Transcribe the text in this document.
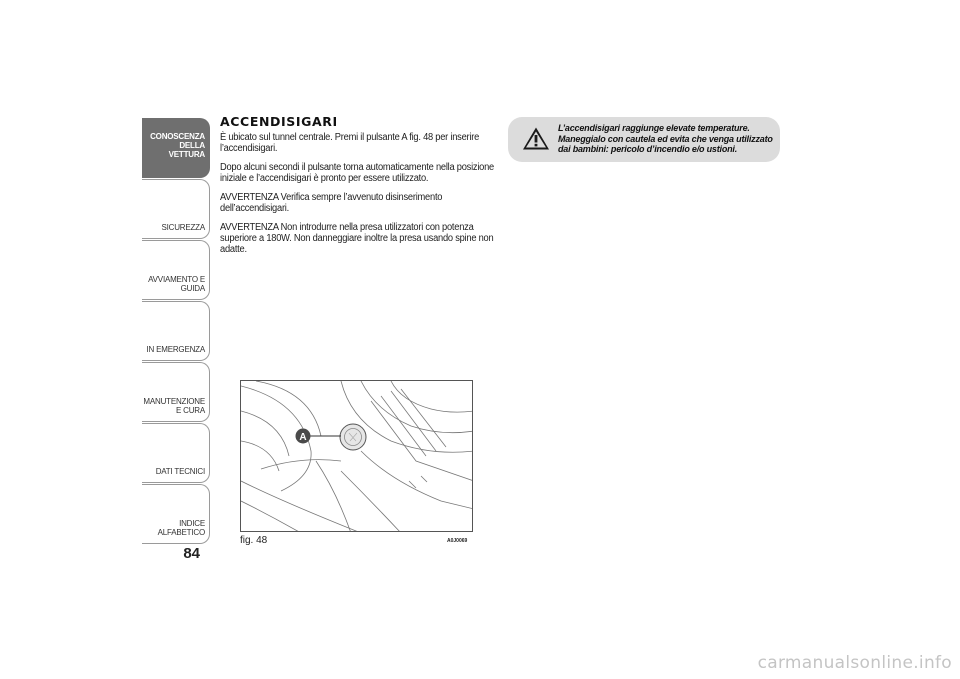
CONOSCENZA DELLA VETTURA
SICUREZZA
AVVIAMENTO E GUIDA
IN EMERGENZA
MANUTENZIONE E CURA
DATI TECNICI
INDICE ALFABETICO
84
ACCENDISIGARI

È ubicato sul tunnel centrale. Premi il pulsante A fig. 48 per inserire l’accendisigari.

Dopo alcuni secondi il pulsante torna automaticamente nella posizione iniziale e l’accendisigari è pronto per essere utilizzato.

AVVERTENZA Verifica sempre l’avvenuto disinserimento dell’accendisigari.

AVVERTENZA Non introdurre nella presa utilizzatori con potenza superiore a 180W. Non danneggiare inoltre la presa usando spine non adatte.

L’accendisigari raggiunge elevate temperature. Maneggialo con cautela ed evita che venga utilizzato dai bambini: pericolo d’incendio e/o ustioni.

A
fig. 48	A0J0069
carmanualsonline.info
